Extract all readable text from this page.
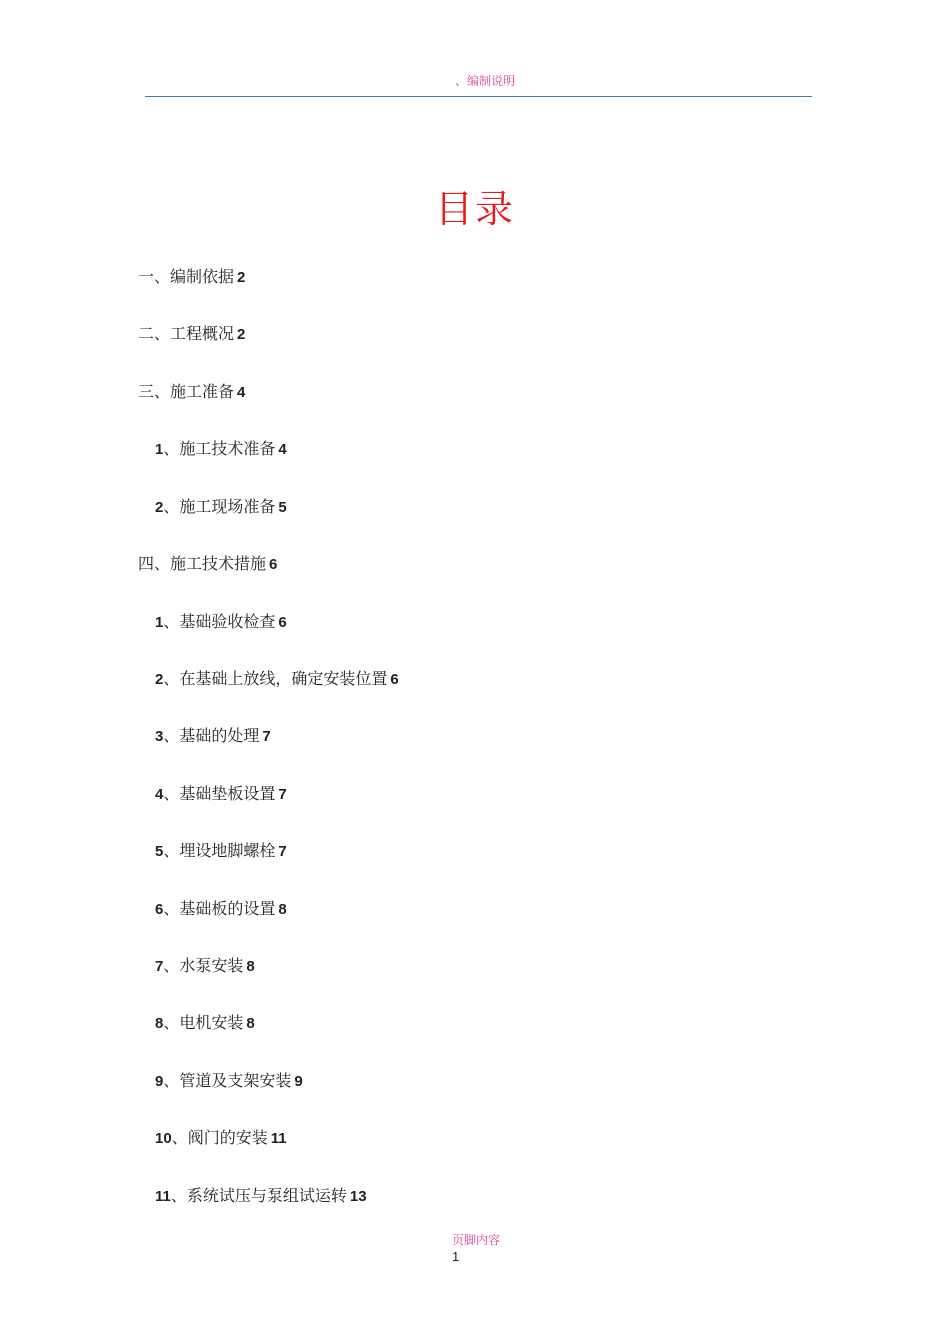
、编制说明
目录
一、编制依据 2
二、工程概况 2
三、施工准备 4
1、施工技术准备 4
2、施工现场准备 5
四、施工技术措施 6
1、基础验收检查 6
2、在基础上放线，确定安装位置 6
3、基础的处理 7
4、基础垫板设置 7
5、埋设地脚螺栓 7
6、基础板的设置 8
7、水泵安装 8
8、电机安装 8
9、管道及支架安装 9
10、阀门的安装 11
11、系统试压与泵组试运转 13
页脚内容
1
